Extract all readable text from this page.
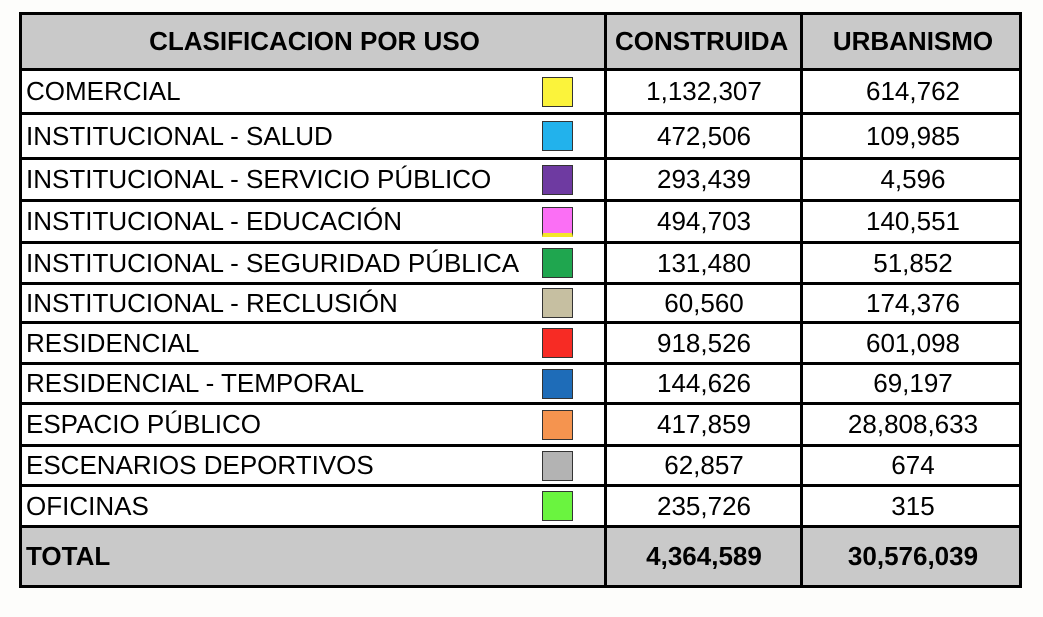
CLASIFICACION POR USO	CONSTRUIDA	URBANISMO
COMERCIAL	1,132,307	614,762
INSTITUCIONAL - SALUD	472,506	109,985
INSTITUCIONAL - SERVICIO PÚBLICO	293,439	4,596
INSTITUCIONAL - EDUCACIÓN	494,703	140,551
INSTITUCIONAL - SEGURIDAD PÚBLICA	131,480	51,852
INSTITUCIONAL - RECLUSIÓN	60,560	174,376
RESIDENCIAL	918,526	601,098
RESIDENCIAL - TEMPORAL	144,626	69,197
ESPACIO PÚBLICO	417,859	28,808,633
ESCENARIOS DEPORTIVOS	62,857	674
OFICINAS	235,726	315
TOTAL	4,364,589	30,576,039
